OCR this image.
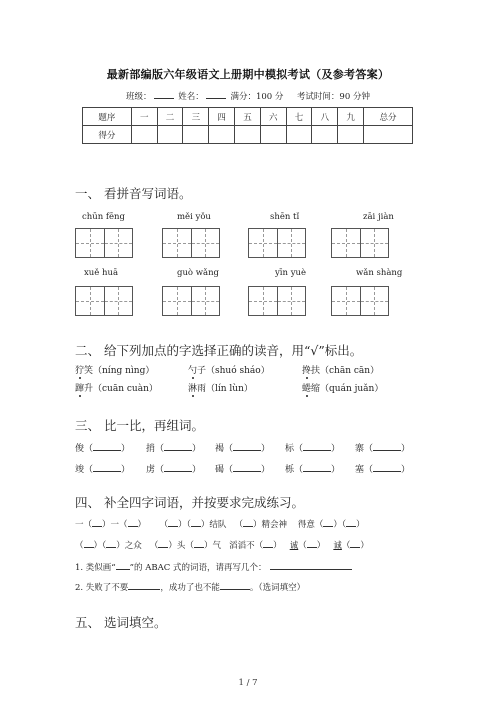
最新部编版六年级语文上册期中模拟考试（及参考答案）
班级：	姓名：	满分：100 分 考试时间：90 分钟
题序	一	二	三	四	五	六	七	八	九	总分
得分										
一、 看拼音写词语。
chūn fēng	měi yǒu	shēn tǐ	zāi jiàn
xuě huā	guò wǎng	yīn yuè	wǎn shàng
二、 给下列加点的字选择正确的读音，用“√”标出。
狞笑（níng nìng）	勺子（shuó sháo）	搀扶（chān cān）
蹿升（cuān cuàn）	淋雨（lín lùn）	蜷缩（quán juǎn）
三、 比一比，再组词。
俊（	） 捎（	） 褐（	） 标（	） 寨（	）
竣（	） 虏（	） 碣（	） 栎（	） 塞（	）
四、 补全四字词语，并按要求完成练习。
一（ ）一（ ） （ ）（ ）结队 （ ）精会神 得意（ ）（ ）
（ ）（ ）之众 （ ）头（ ）气 滔滔不（ ） 诚（ ） 诚（ ）
1. 类似画“ ”的 ABAC 式的词语，请再写几个：
2. 失败了不要	，成功了也不能	。（选词填空）
五、 选词填空。
1 / 7
